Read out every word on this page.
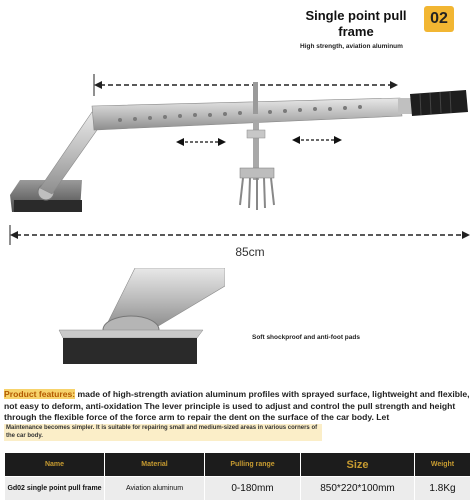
Single point pull frame
02
High strength, aviation aluminum
85cm
Soft shockproof and anti-foot pads
Product features: made of high-strength aviation aluminum profiles with sprayed surface, lightweight and flexible, not easy to deform, anti-oxidation The lever principle is used to adjust and control the pull strength and height through the flexible force of the force arm to repair the dent on the surface of the car body. Let
Maintenance becomes simpler. It is suitable for repairing small and medium-sized areas in various corners of the car body.
Name	Material	Pulling range	Size	Weight
Gd02 single point pull frame	Aviation aluminum	0-180mm	850*220*100mm	1.8Kg
